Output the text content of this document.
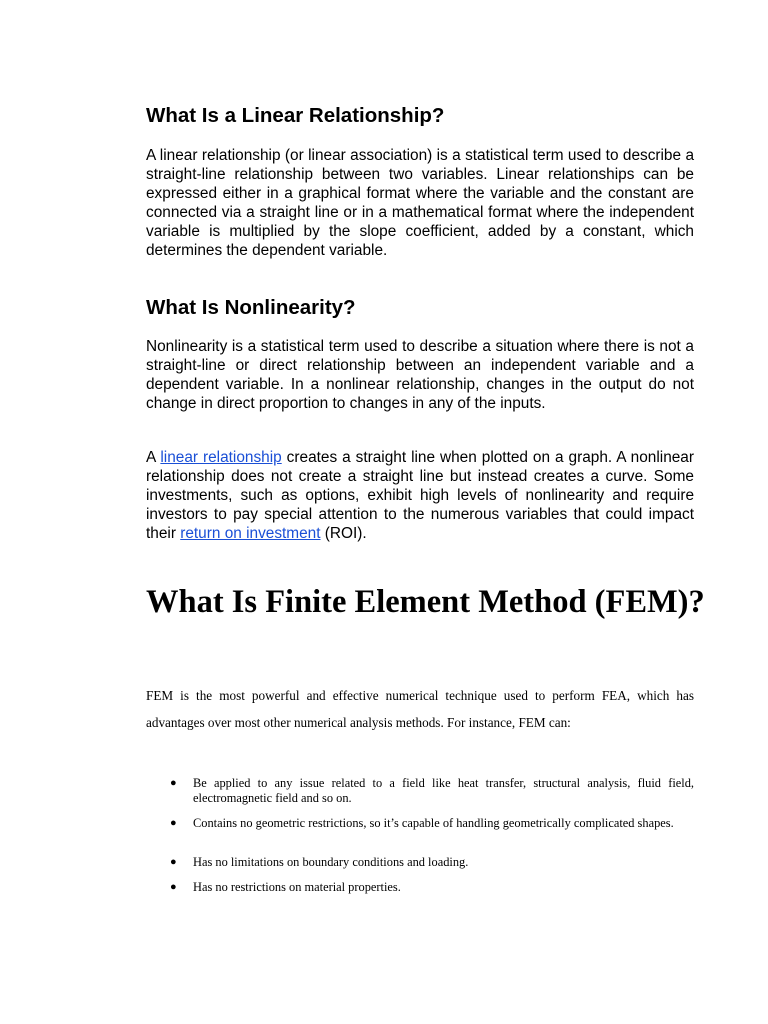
What Is a Linear Relationship?

A linear relationship (or linear association) is a statistical term used to describe a straight-line relationship between two variables. Linear relationships can be expressed either in a graphical format where the variable and the constant are connected via a straight line or in a mathematical format where the independent variable is multiplied by the slope coefficient, added by a constant, which determines the dependent variable.

What Is Nonlinearity?

Nonlinearity is a statistical term used to describe a situation where there is not a straight-line or direct relationship between an independent variable and a dependent variable. In a nonlinear relationship, changes in the output do not change in direct proportion to changes in any of the inputs.

A linear relationship creates a straight line when plotted on a graph. A nonlinear relationship does not create a straight line but instead creates a curve. Some investments, such as options, exhibit high levels of nonlinearity and require investors to pay special attention to the numerous variables that could impact their return on investment (ROI).

What Is Finite Element Method (FEM)?

FEM is the most powerful and effective numerical technique used to perform FEA, which has advantages over most other numerical analysis methods. For instance, FEM can:

● Be applied to any issue related to a field like heat transfer, structural analysis, fluid field, electromagnetic field and so on.
● Contains no geometric restrictions, so it’s capable of handling geometrically complicated shapes.
● Has no limitations on boundary conditions and loading.
● Has no restrictions on material properties.
